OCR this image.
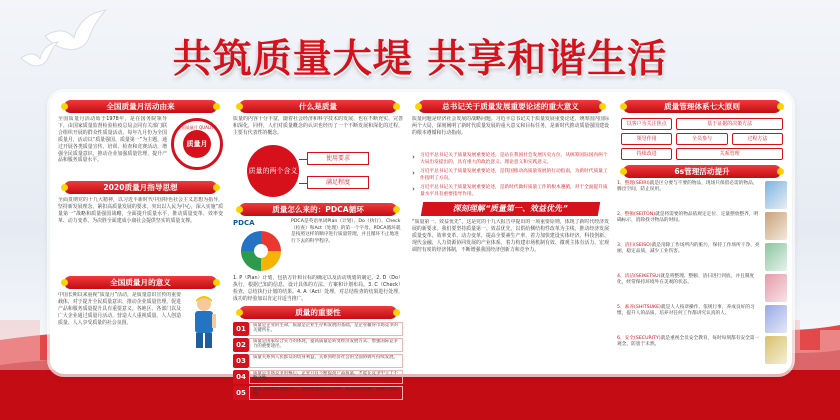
共筑质量大堤 共享和谐生活
全国质量月活动由来
全国质量月 QUALITY MONTH
质量月
全国质量月活动始于1978年，是在国务院领导下，由国家质量监督检验检疫总局会同有关部门联合组织开展的群众性质量活动。每年九月份为全国质量月，活动以“质量强国、质量第一”为主题，通过开展各类质量宣传、培训、检查和竞赛活动，增强全民质量意识，推动企业加强质量管理，提升产品和服务质量水平。
2020质量月指导思想
全面贯彻党的十九大精神，以习近平新时代中国特色社会主义思想为指导，坚持新发展理念，紧扣高质量发展的要求，突出以人民为中心，深入实施“质量第一”战略和质量强国战略，全面提升质量水平，推动质量变革、效率变革、动力变革，为决胜全面建成小康社会提供坚实的质量支撑。
全国质量月的意义
中国长期以来重视“质量月”活动，是质量意识宣传的重要载体，对于提升全民质量意识、推动企业质量管理，促进产品和服务质量提升具有重要意义。各地区、各部门以及广大企业通过质量月活动，营造人人重视质量、人人创造质量、人人享受质量的社会氛围。
什么是质量
质量的内容十分丰富，随着社会经济和科学技术的发展，也在不断充实、完善和深化，同样，人们对质量概念的认识也经历了一个不断发展和深化的过程，主要有代表性的概念。
质量的两个含义
使用要求
满足程度
质量怎么来的：PDCA循环
PDCA	PDCA是英语单词Plan（计划）、Do（执行）、Check（检查）和Act（处理）的第一个字母，PDCA循环就是按照这样的顺序进行质量管理，并且循环不止地进行下去的科学程序。
1. P（Plan）计划，包括方针和目标的确定以及活动规划的制定。2. D（Do）执行，根据已知的信息，设计具体的方法、方案和计划布局。3. C（Check）检查，总结执行计划的结果。4. A（Act）处理，对总结检查的结果进行处理，成功的经验加以肯定并适当推广。
质量的重要性
01	质量是企业的生命，质量是企业生存和发展的基础，是企业赢得市场竞争的关键所在。
02	质量是国家综合实力的体现，提高质量是转变经济发展方式、增强国际竞争力的重要途径。
03	质量关系到人民群众的切身利益，关系到经济社会的全面协调可持续发展。
04	质量是市场竞争的核心，企业只有不断提高产品质量，才能在竞争中立于不败之地。
05	质量是品牌建设的基石，没有质量就没有品牌，质量铸就品牌，品牌引领发展。
总书记关于质量发展重要论述的重大意义
质量问题是经济社会发展的战略问题。习近平总书记关于质量发展重要论述，统筹国内国际两个大局，深刻阐明了新时代质量发展的重大意义和目标任务，是新时代推动质量强国建设的根本遵循和行动指南。
›	习近平总书记关于质量发展重要论述，是站在我国社会发展历史方位，从统筹国际国内两个大局出发提出的，具有重大的政治意义、理论意义和实践意义。
›	习近平总书记关于质量发展重要论述，是我国推动高质量发展的行动指南，为新时代质量工作指明了方向。
›	习近平总书记关于质量发展重要论述，是新时代做好质量工作的根本遵循，对于全面提升质量水平具有重要指导作用。
深刻理解“质量第一、效益优先”
“质量第一、效益优先”，这是党的十九大报告中提出的一项重要原则，体现了新时代经济发展的新要求。我们要坚持质量第一、效益优先，以供给侧结构性改革为主线，推动经济发展质量变革、效率变革、动力变革，提高全要素生产率，着力加快建设实体经济、科技创新、现代金融、人力资源协同发展的产业体系，着力构建市场机制有效、微观主体有活力、宏观调控有度的经济体制，不断增强我国经济创新力和竞争力。
质量管理体系七大原则
以客户为关注焦点	基于证据的决策方法
领导作用	全员参与	过程方法
持续改进	关系管理
6s管理活动提升
1、整理(SEIRI)就是区分要与不要的物品，现场只保留必需的物品，腾出空间，防止误用。
2、整顿(SEITON)就是将需要的物品依规定定位、定量摆放整齐，明确标示，消除找寻物品的时间。
3、清扫(SEISO)就是清除工作场所内的脏污，保持工作场所干净、亮丽，稳定品质，减少工业伤害。
4、清洁(SEIKETSU)就是将整理、整顿、清扫进行到底，并且制度化，经常保持环境外在美观的状态。
5、素养(SHITSUKE)就是人人按章操作、依规行事，养成良好的习惯，提升人的品质，培养对任何工作都讲究认真的人。
6、安全(SECURITY)就是重视全员安全教育，每时每刻都有安全第一观念，防患于未然。
